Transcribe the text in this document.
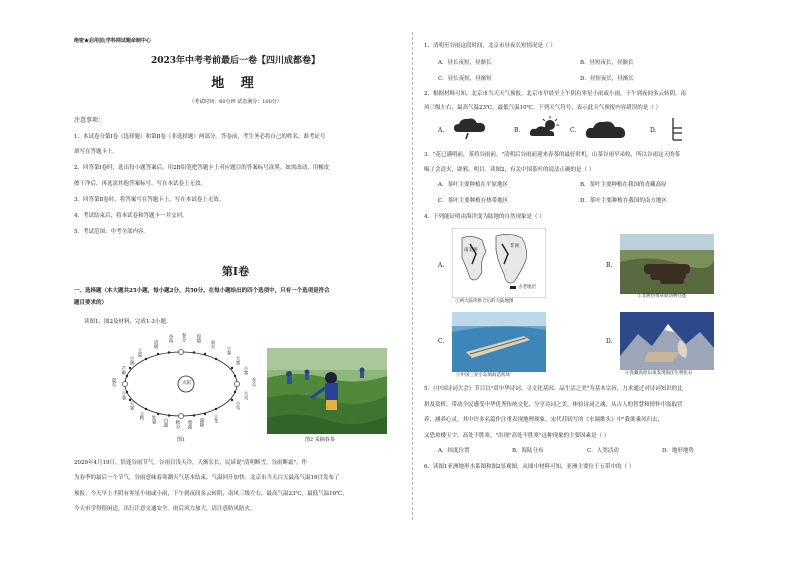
绝密★启用前|学科网试题命制中心
2023年中考考前最后一卷【四川成都卷】
地 理
（考试时间：60分钟 试卷满分：100分）
注意事项：
1．本试卷分第Ⅰ卷（选择题）和第Ⅱ卷（非选择题）两部分。答卷前，考生务必将自己的姓名、准考证号
填写在答题卡上。
2．回答第Ⅰ卷时，选出每小题答案后，用2B铅笔把答题卡上对应题目的答案标号涂黑。如需改动，用橡皮
擦干净后，再选涂其他答案标号。写在本试卷上无效。
3．回答第Ⅱ卷时，将答案写在答题卡上。写在本试卷上无效。
4．考试结束后，将本试卷和答题卡一并交回。
5．考试范围：中考全部内容。
第Ⅰ卷
一、选择题（本大题共25小题，每小题2分，共50分。在每小题给出的四个选项中，只有一个选项是符合
题目要求的）
读图1、图2及材料，完成1-3小题。
太阳
清明
谷雨 春分 惊蛰
雨水
立夏
小满
芒种
夏至
小暑
大暑
立秋
立春
大寒
小寒
冬至
大雪
小雪
处暑 白露 秋分 寒露 霜降 立冬
图1	图2 采摘春茶
2020年4月19日，恰逢谷雨节气。谷雨目浅天冷，天渐长长，民谚说"清明断雪，谷雨断霜"。作
为春季的最后一个节气，谷雨意味着寒潮天气基本结束，气温回升加快。北京市当天白天最高气温19日发布了
预报：今天早上半阴有零星小雨或小雨，下午到夜间多云转阴，南风三级左右，最高气温23℃，最低气温10℃。
今天市学得很闲适，出行注意交通安全。雨后风力加大，请注意防风防火。
1．清明至谷雨这段时间，北京市昼夜长短情况是（ ）
A．昼长夜短，昼渐长	B．昼短夜长，昼渐长
C．昼长夜短，昼渐短	D．昼短夜长，昼渐长
2．根据材料可知，北京市当天天气预报，北京市早晨至上午阴有零星小雨或小雨，下午到夜间多云转阴，南
风三级左右，最高气温23℃，最低气温10℃。下列天气符号，表示此天气预报内容错误的是（ ）
A.	B.	C.	D.
3．"花已满明前，茶将谷雨前。"清明后谷雨前迎来春茶的最好时机。山茶谷雨早采收，所以谷雨这天的茶
喝了会清火，辟邪，明目。读图2，有关中国茶叶的说法正确的是（ ）
A．茶叶主要种植在平原地区	B．茶叶主要种植在我国的青藏高原
C．茶叶主要种植在热带地区	D．茶叶主要种植在我国的南方地区
4．下列能证明由海洋变为陆地的自然现象是（ ）
A.
南美洲
非洲
古老地层
①两大陆块拼合后的大陆地图
B.
②非洲热带草原动物迁徙
C.
③中国三亚小岛填海造机场
D.
④青藏高原山顶发现海洋生物化石
5．《中国诗词大会》节目以"赏中华诗词、寻文化基因、品生活之美"为基本宗旨，力求通过对诗词知识的比
拼及赏析，带动全民感受中华优秀传统文化，分享诗词之美，体验诗词之魂，从古人的智慧和情怀中汲取营
养，涵养心灵。其中许多名篇作注重表现地理现象。宋代苏轼写的《水调歌头》中"我欲乘风归去，
又恐琼楼玉宇，高处不胜寒。"出现"高处不胜寒"这种现象的主要因素是（ ）
A．纬度位置	B．海陆分布	C．人类活动	D．地形地势
6．读图1亚洲地形水系图和图2景观图，从图中材料可知，亚洲主要位于五带中的（ ）
